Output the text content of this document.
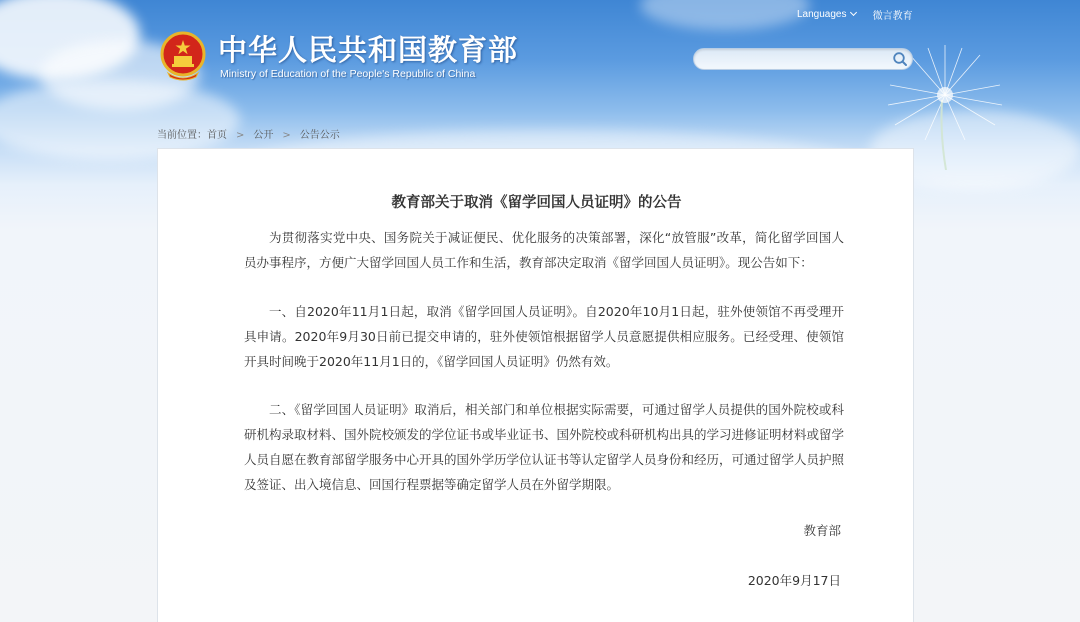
中华人民共和国教育部
Ministry of Education of the People's Republic of China
Languages	微言教育
当前位置：首页 > 公开 > 公告公示
教育部关于取消《留学回国人员证明》的公告

为贯彻落实党中央、国务院关于减证便民、优化服务的决策部署，深化“放管服”改革，简化留学回国人员办事程序，方便广大留学回国人员工作和生活，教育部决定取消《留学回国人员证明》。现公告如下：

一、自2020年11月1日起，取消《留学回国人员证明》。自2020年10月1日起，驻外使领馆不再受理开具申请。2020年9月30日前已提交申请的，驻外使领馆根据留学人员意愿提供相应服务。已经受理、使领馆开具时间晚于2020年11月1日的，《留学回国人员证明》仍然有效。

二、《留学回国人员证明》取消后，相关部门和单位根据实际需要，可通过留学人员提供的国外院校或科研机构录取材料、国外院校颁发的学位证书或毕业证书、国外院校或科研机构出具的学习进修证明材料或留学人员自愿在教育部留学服务中心开具的国外学历学位认证书等认定留学人员身份和经历，可通过留学人员护照及签证、出入境信息、回国行程票据等确定留学人员在外留学期限。

教育部
2020年9月17日
